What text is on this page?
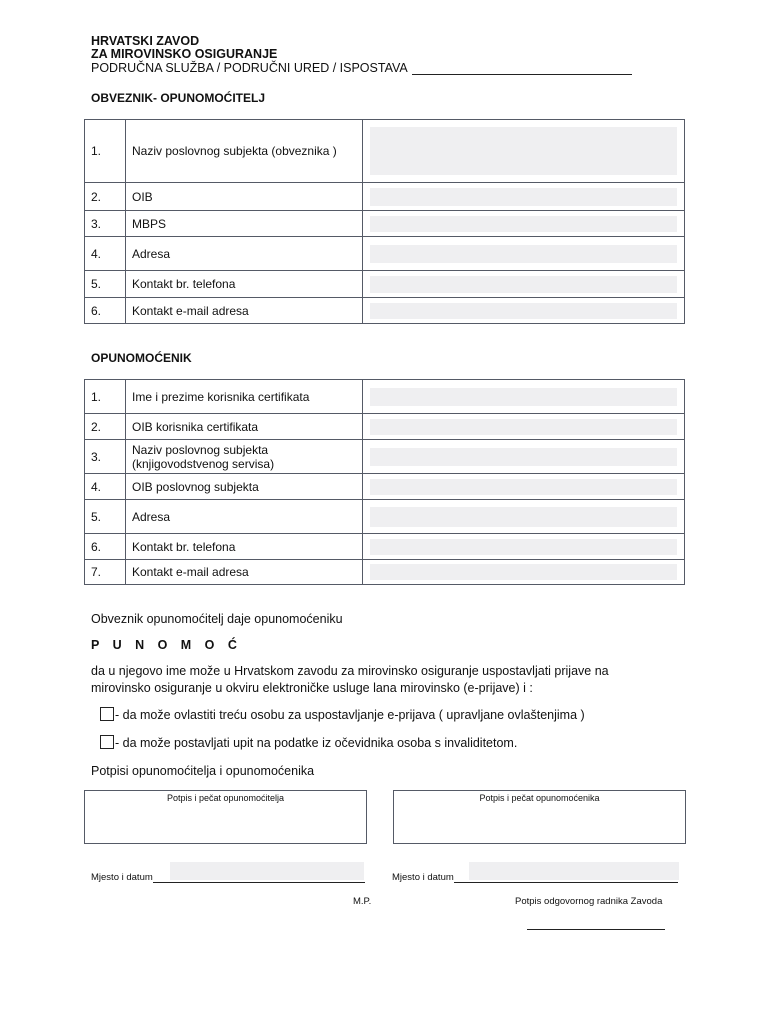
HRVATSKI ZAVOD
ZA MIROVINSKO OSIGURANJE
PODRUČNA SLUŽBA / PODRUČNI URED / ISPOSTAVA
OBVEZNIK- OPUNOMOĆITELJ
1.	Naziv poslovnog subjekta (obveznika )	

2.	OIB	

3.	MBPS	

4.	Adresa	

5.	Kontakt br. telefona	

6.	Kontakt e-mail adresa	
OPUNOMOĆENIK
1.	Ime i prezime korisnika certifikata	

2.	OIB korisnika certifikata	

3.	Naziv poslovnog subjekta
(knjigovodstvenog servisa)	

4.	OIB poslovnog subjekta	

5.	Adresa	

6.	Kontakt br. telefona	

7.	Kontakt e-mail adresa	
Obveznik opunomoćitelj daje opunomoćeniku
P U N O M O Ć
da u njegovo ime može u Hrvatskom zavodu za mirovinsko osiguranje uspostavljati prijave na
mirovinsko osiguranje u okviru elektroničke usluge lana mirovinsko (e-prijave) i :
- da može ovlastiti treću osobu za uspostavljanje e-prijava ( upravljane ovlaštenjima )
- da može postavljati upit na podatke iz očevidnika osoba s invaliditetom.
Potpisi opunomoćitelja i opunomoćenika
Potpis i pečat opunomoćitelja	Potpis i pečat opunomoćenika
Mjesto i datum	Mjesto i datum
M.P.	Potpis odgovornog radnika Zavoda
